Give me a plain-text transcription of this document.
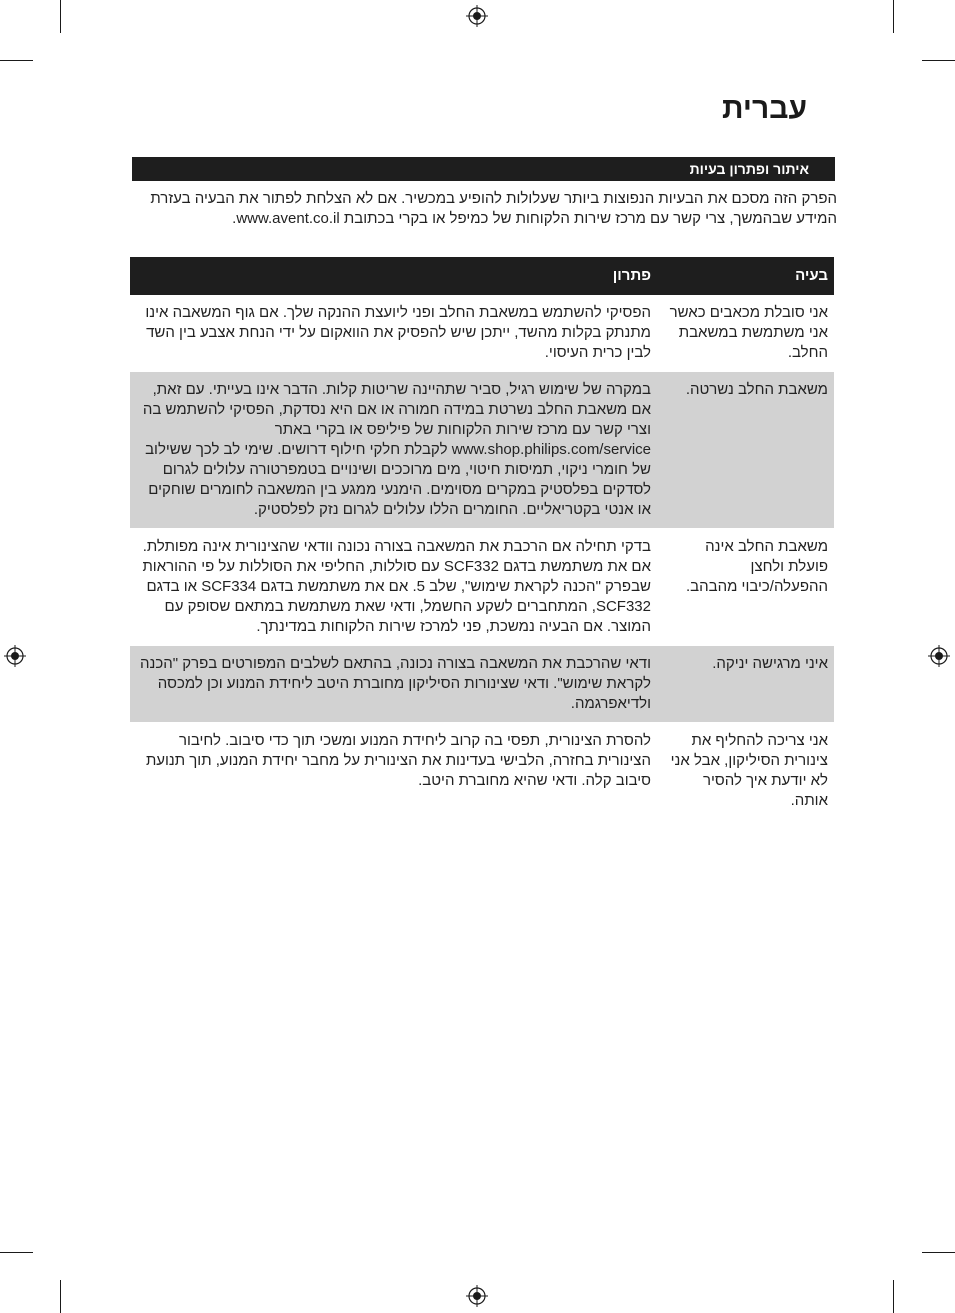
עברית
איתור ופתרון בעיות

הפרק הזה מסכם את הבעיות הנפוצות ביותר שעלולות להופיע במכשיר. אם לא הצלחת לפתור את הבעיה בעזרת המידע שבהמשך, צרי קשר עם מרכז שירות הלקוחות של כמיפל או בקרי בכתובת www.avent.co.il.

בעיה	פתרון
אני סובלת מכאבים כאשר אני משתמשת במשאבת החלב.	הפסיקי להשתמש במשאבת החלב ופני ליועצת ההנקה שלך. אם גוף המשאבה אינו מתנתק בקלות מהשד, ייתכן שיש להפסיק את הוואקום על ידי הנחת אצבע בין השד לבין כרית העיסוי.
משאבת החלב נשרטה.	במקרה של שימוש רגיל, סביר שתהיינה שריטות קלות. הדבר אינו בעייתי. עם זאת, אם משאבת החלב נשרטת במידה חמורה או אם היא נסדקת, הפסיקי להשתמש בה וצרי קשר עם מרכז שירות הלקוחות של פיליפס או בקרי באתר www.shop.philips.com/service לקבלת חלקי חילוף דרושים. שימי לב לכך ששילוב של חומרי ניקוי, תמיסות חיטוי, מים מרוככים ושינויים בטמפרטורה עלולים לגרום לסדקים בפלסטיק במקרים מסוימים. הימנעי ממגע בין המשאבה לחומרים שוחקים או אנטי בקטריאליים. החומרים הללו עלולים לגרום נזק לפלסטיק.
משאבת החלב אינה פועלת ולחצן ההפעלה/כיבוי מהבהב.	בדקי תחילה אם הרכבת את המשאבה בצורה נכונה וודאי שהצינורית אינה מפותלת. אם את משתמשת בדגם SCF332 עם סוללות, החליפי את הסוללות על פי ההוראות שבפרק "הכנה לקראת שימוש", שלב 5. אם את משתמשת בדגם SCF334 או בדגם SCF332, המתחברים לשקע החשמל, ודאי שאת משתמשת במתאם שסופק עם המוצר. אם הבעיה נמשכת, פני למרכז שירות הלקוחות במדינתך.
איני מרגישה יניקה.	ודאי שהרכבת את המשאבה בצורה נכונה, בהתאם לשלבים המפורטים בפרק "הכנה לקראת שימוש". ודאי שצינורות הסיליקון מחוברת היטב ליחידת המנוע וכן למכסה ולדיאפרגמה.
אני צריכה להחליף את צינורית הסיליקון, אבל אני לא יודעת איך להסיר אותה.	להסרת הצינורית, תפסי בה קרוב ליחידת המנוע ומשכי תוך כדי סיבוב. לחיבור הצינורית בחזרה, הלבישי בעדינות את הצינורית על מחבר יחידת המנוע, תוך תנועת סיבוב קלה. ודאי שהיא מחוברת היטב.
